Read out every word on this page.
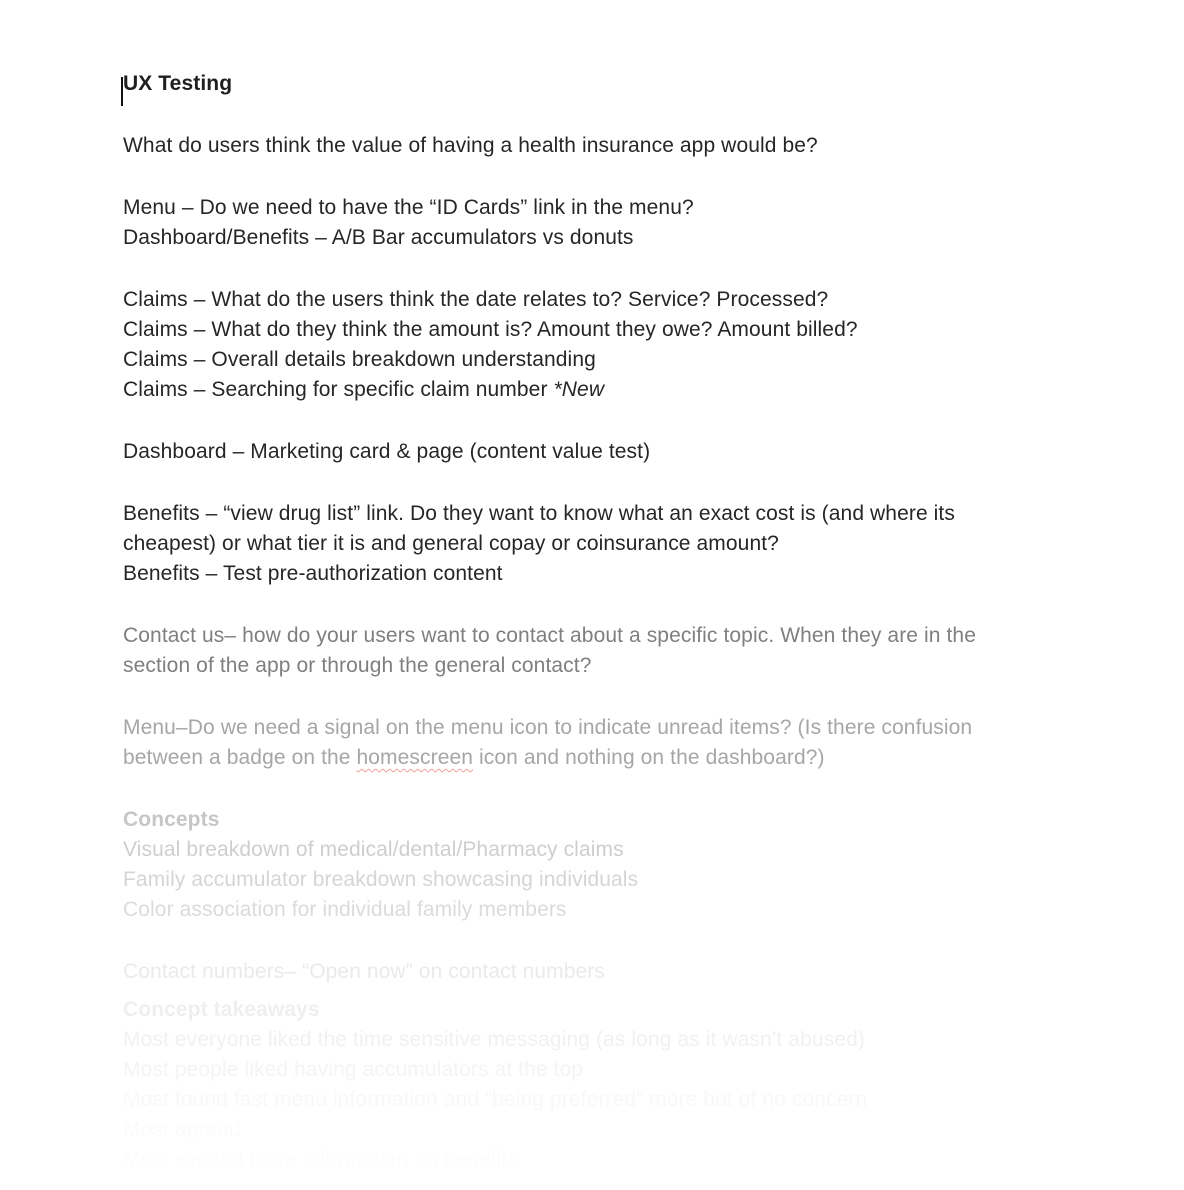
UX Testing
What do users think the value of having a health insurance app would be?
Menu – Do we need to have the “ID Cards” link in the menu?
Dashboard/Benefits – A/B Bar accumulators vs donuts
Claims – What do the users think the date relates to? Service? Processed?
Claims – What do they think the amount is? Amount they owe? Amount billed?
Claims – Overall details breakdown understanding
Claims – Searching for specific claim number *New
Dashboard – Marketing card & page (content value test)
Benefits – “view drug list” link. Do they want to know what an exact cost is (and where its
cheapest) or what tier it is and general copay or coinsurance amount?
Benefits – Test pre-authorization content
Contact us– how do your users want to contact about a specific topic. When they are in the
section of the app or through the general contact?
Menu–Do we need a signal on the menu icon to indicate unread items? (Is there confusion
between a badge on the homescreen icon and nothing on the dashboard?)
Concepts
Visual breakdown of medical/dental/Pharmacy claims
Family accumulator breakdown showcasing individuals
Color association for individual family members
Contact numbers– “Open now” on contact numbers
Concept takeaways
Most everyone liked the time sensitive messaging (as long as it wasn’t abused)
Most people liked having accumulators at the top
Most found fast menu information and “being preferred” more but of no concern
Most agreed
Most wanted more information on benefits
